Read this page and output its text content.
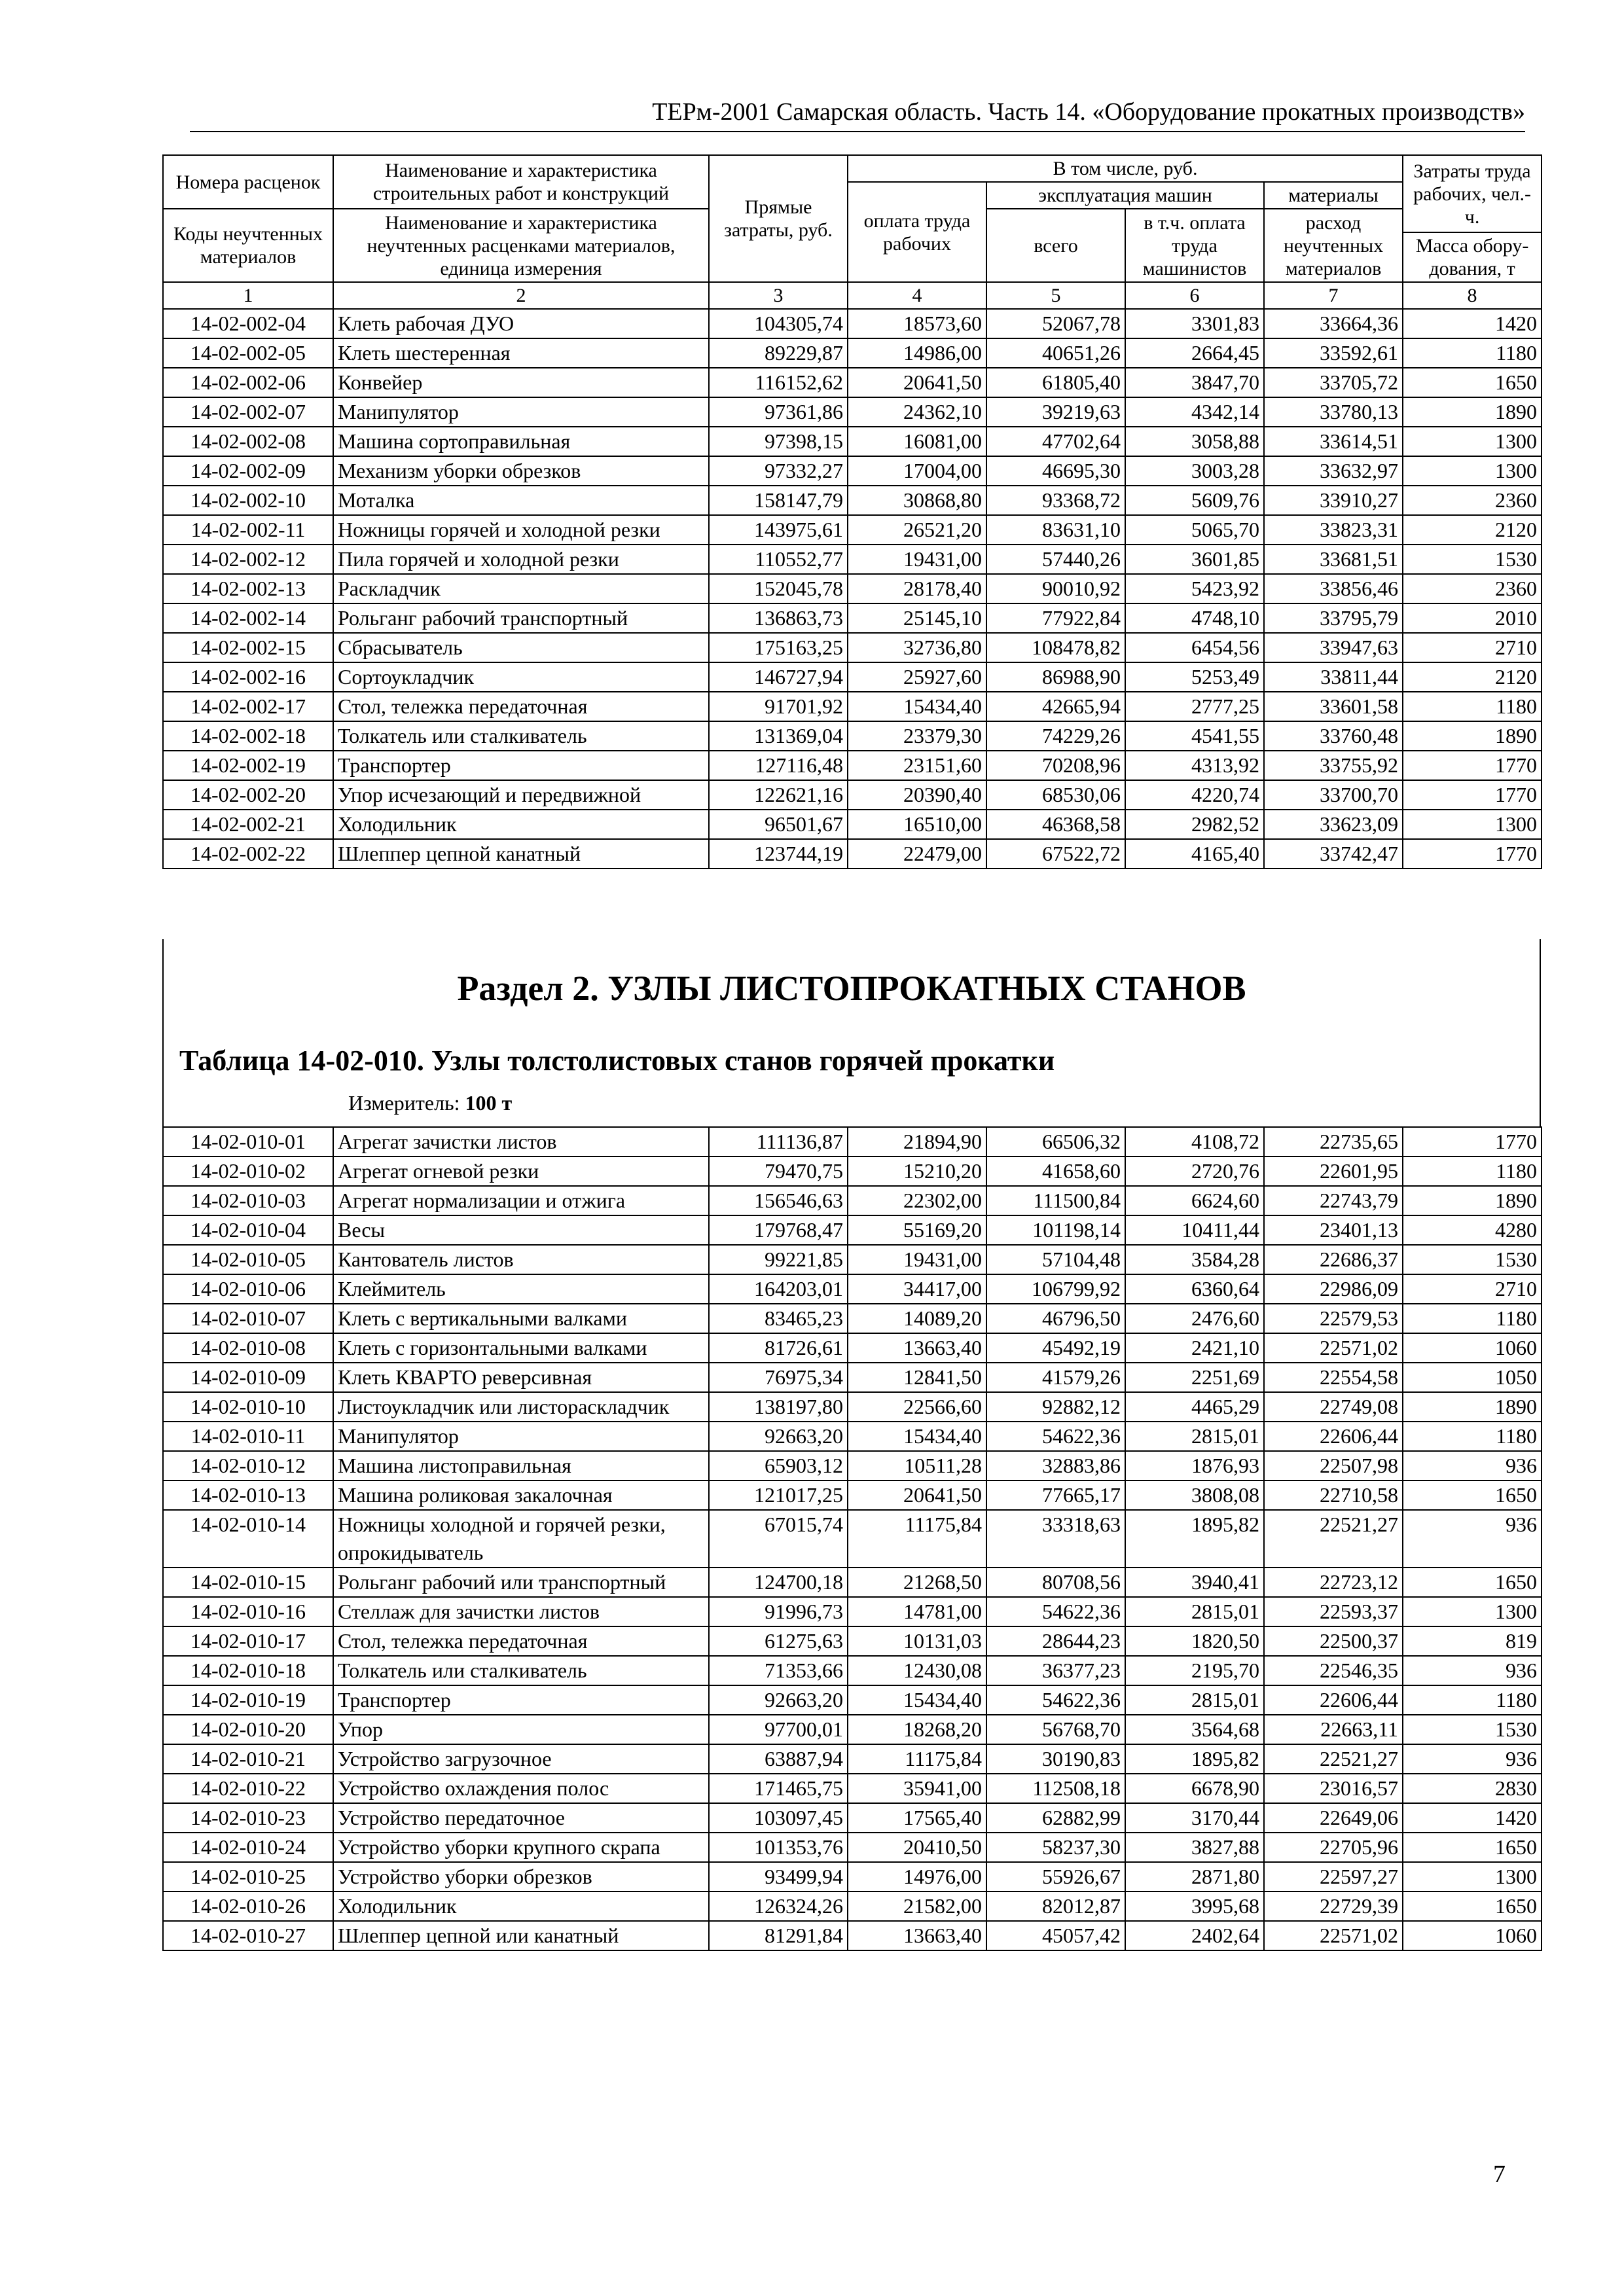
ТЕРм-2001 Самарская область. Часть 14. «Оборудование прокатных производств»
Номера расценок	Наименование и характеристика строительных работ и конструкций	Прямые затраты, руб.	В том числе, руб.				Затраты труда рабочих, чел.-ч.
			оплата труда рабочих	эксплуатация машин		материалы	
Коды неучтенных материалов	Наименование и характеристика неучтенных расценками материалов, единица измерения			всего	в т.ч. оплата труда машинистов	расход неучтенных материалов	
							Масса обору-дования, т
1	2	3	4	5	6	7	8
14-02-002-04	Клеть рабочая ДУО	104305,74	18573,60	52067,78	3301,83	33664,36	1420
14-02-002-05	Клеть шестеренная	89229,87	14986,00	40651,26	2664,45	33592,61	1180
14-02-002-06	Конвейер	116152,62	20641,50	61805,40	3847,70	33705,72	1650
14-02-002-07	Манипулятор	97361,86	24362,10	39219,63	4342,14	33780,13	1890
14-02-002-08	Машина сортоправильная	97398,15	16081,00	47702,64	3058,88	33614,51	1300
14-02-002-09	Механизм уборки обрезков	97332,27	17004,00	46695,30	3003,28	33632,97	1300
14-02-002-10	Моталка	158147,79	30868,80	93368,72	5609,76	33910,27	2360
14-02-002-11	Ножницы горячей и холодной резки	143975,61	26521,20	83631,10	5065,70	33823,31	2120
14-02-002-12	Пила горячей и холодной резки	110552,77	19431,00	57440,26	3601,85	33681,51	1530
14-02-002-13	Раскладчик	152045,78	28178,40	90010,92	5423,92	33856,46	2360
14-02-002-14	Рольганг рабочий транспортный	136863,73	25145,10	77922,84	4748,10	33795,79	2010
14-02-002-15	Сбрасыватель	175163,25	32736,80	108478,82	6454,56	33947,63	2710
14-02-002-16	Сортоукладчик	146727,94	25927,60	86988,90	5253,49	33811,44	2120
14-02-002-17	Стол, тележка передаточная	91701,92	15434,40	42665,94	2777,25	33601,58	1180
14-02-002-18	Толкатель или сталкиватель	131369,04	23379,30	74229,26	4541,55	33760,48	1890
14-02-002-19	Транспортер	127116,48	23151,60	70208,96	4313,92	33755,92	1770
14-02-002-20	Упор исчезающий и передвижной	122621,16	20390,40	68530,06	4220,74	33700,70	1770
14-02-002-21	Холодильник	96501,67	16510,00	46368,58	2982,52	33623,09	1300
14-02-002-22	Шлеппер цепной канатный	123744,19	22479,00	67522,72	4165,40	33742,47	1770
Раздел 2. УЗЛЫ ЛИСТОПРОКАТНЫХ СТАНОВ
Таблица 14-02-010. Узлы толстолистовых станов горячей прокатки
Измеритель: 100 т
14-02-010-01	Агрегат зачистки листов	111136,87	21894,90	66506,32	4108,72	22735,65	1770
14-02-010-02	Агрегат огневой резки	79470,75	15210,20	41658,60	2720,76	22601,95	1180
14-02-010-03	Агрегат нормализации и отжига	156546,63	22302,00	111500,84	6624,60	22743,79	1890
14-02-010-04	Весы	179768,47	55169,20	101198,14	10411,44	23401,13	4280
14-02-010-05	Кантователь листов	99221,85	19431,00	57104,48	3584,28	22686,37	1530
14-02-010-06	Клеймитель	164203,01	34417,00	106799,92	6360,64	22986,09	2710
14-02-010-07	Клеть с вертикальными валками	83465,23	14089,20	46796,50	2476,60	22579,53	1180
14-02-010-08	Клеть с горизонтальными валками	81726,61	13663,40	45492,19	2421,10	22571,02	1060
14-02-010-09	Клеть КВАРТО реверсивная	76975,34	12841,50	41579,26	2251,69	22554,58	1050
14-02-010-10	Листоукладчик или листораскладчик	138197,80	22566,60	92882,12	4465,29	22749,08	1890
14-02-010-11	Манипулятор	92663,20	15434,40	54622,36	2815,01	22606,44	1180
14-02-010-12	Машина листоправильная	65903,12	10511,28	32883,86	1876,93	22507,98	936
14-02-010-13	Машина роликовая закалочная	121017,25	20641,50	77665,17	3808,08	22710,58	1650
14-02-010-14	Ножницы холодной и горячей резки, опрокидыватель	67015,74	11175,84	33318,63	1895,82	22521,27	936
14-02-010-15	Рольганг рабочий или транспортный	124700,18	21268,50	80708,56	3940,41	22723,12	1650
14-02-010-16	Стеллаж для зачистки листов	91996,73	14781,00	54622,36	2815,01	22593,37	1300
14-02-010-17	Стол, тележка передаточная	61275,63	10131,03	28644,23	1820,50	22500,37	819
14-02-010-18	Толкатель или сталкиватель	71353,66	12430,08	36377,23	2195,70	22546,35	936
14-02-010-19	Транспортер	92663,20	15434,40	54622,36	2815,01	22606,44	1180
14-02-010-20	Упор	97700,01	18268,20	56768,70	3564,68	22663,11	1530
14-02-010-21	Устройство загрузочное	63887,94	11175,84	30190,83	1895,82	22521,27	936
14-02-010-22	Устройство охлаждения полос	171465,75	35941,00	112508,18	6678,90	23016,57	2830
14-02-010-23	Устройство передаточное	103097,45	17565,40	62882,99	3170,44	22649,06	1420
14-02-010-24	Устройство уборки крупного скрапа	101353,76	20410,50	58237,30	3827,88	22705,96	1650
14-02-010-25	Устройство уборки обрезков	93499,94	14976,00	55926,67	2871,80	22597,27	1300
14-02-010-26	Холодильник	126324,26	21582,00	82012,87	3995,68	22729,39	1650
14-02-010-27	Шлеппер цепной или канатный	81291,84	13663,40	45057,42	2402,64	22571,02	1060
7
